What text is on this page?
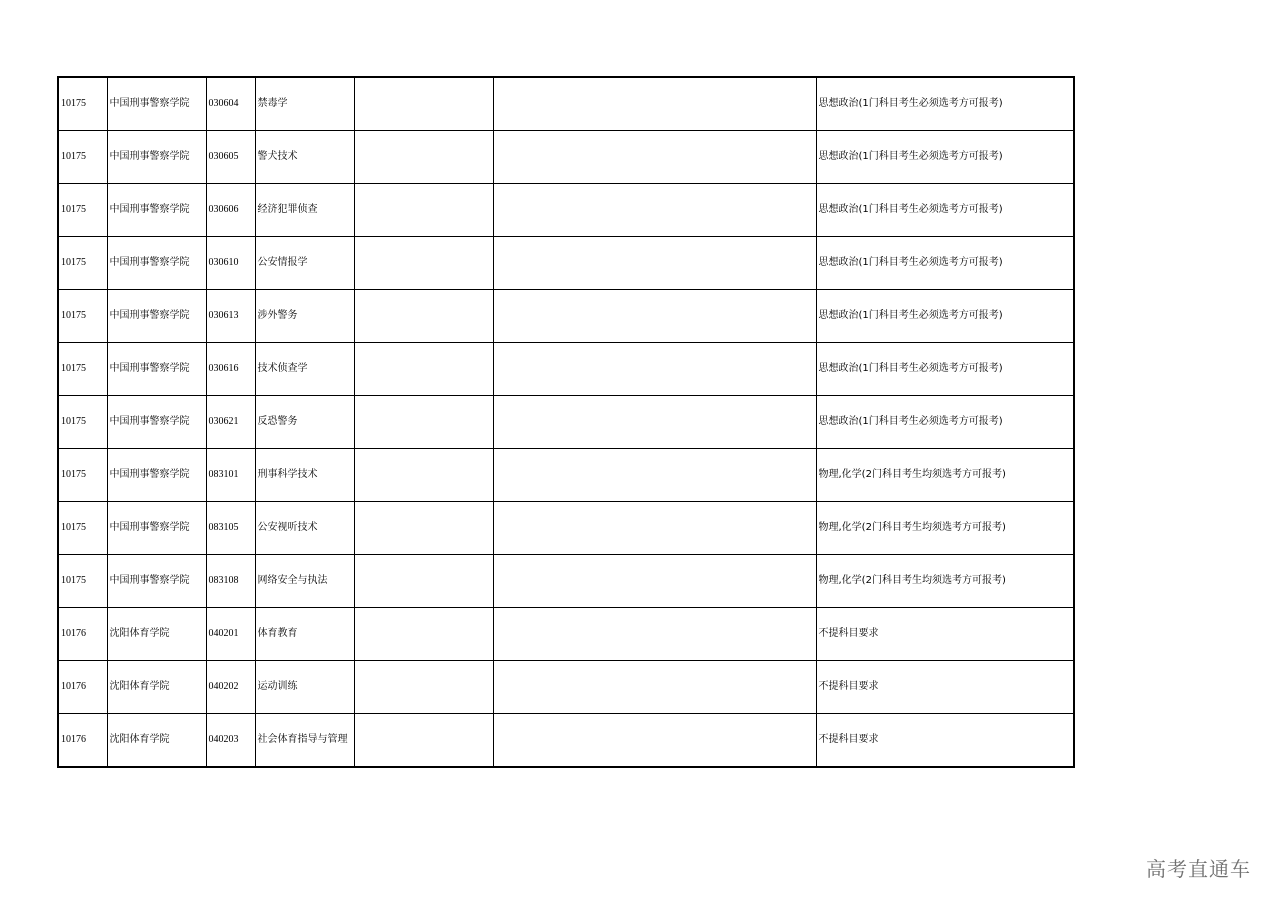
10175	中国刑事警察学院	030604	禁毒学			思想政治(1门科目考生必须选考方可报考)
10175	中国刑事警察学院	030605	警犬技术			思想政治(1门科目考生必须选考方可报考)
10175	中国刑事警察学院	030606	经济犯罪侦查			思想政治(1门科目考生必须选考方可报考)
10175	中国刑事警察学院	030610	公安情报学			思想政治(1门科目考生必须选考方可报考)
10175	中国刑事警察学院	030613	涉外警务			思想政治(1门科目考生必须选考方可报考)
10175	中国刑事警察学院	030616	技术侦查学			思想政治(1门科目考生必须选考方可报考)
10175	中国刑事警察学院	030621	反恐警务			思想政治(1门科目考生必须选考方可报考)
10175	中国刑事警察学院	083101	刑事科学技术			物理,化学(2门科目考生均须选考方可报考)
10175	中国刑事警察学院	083105	公安视听技术			物理,化学(2门科目考生均须选考方可报考)
10175	中国刑事警察学院	083108	网络安全与执法			物理,化学(2门科目考生均须选考方可报考)
10176	沈阳体育学院	040201	体育教育			不提科目要求
10176	沈阳体育学院	040202	运动训练			不提科目要求
10176	沈阳体育学院	040203	社会体育指导与管理			不提科目要求
高考直通车
